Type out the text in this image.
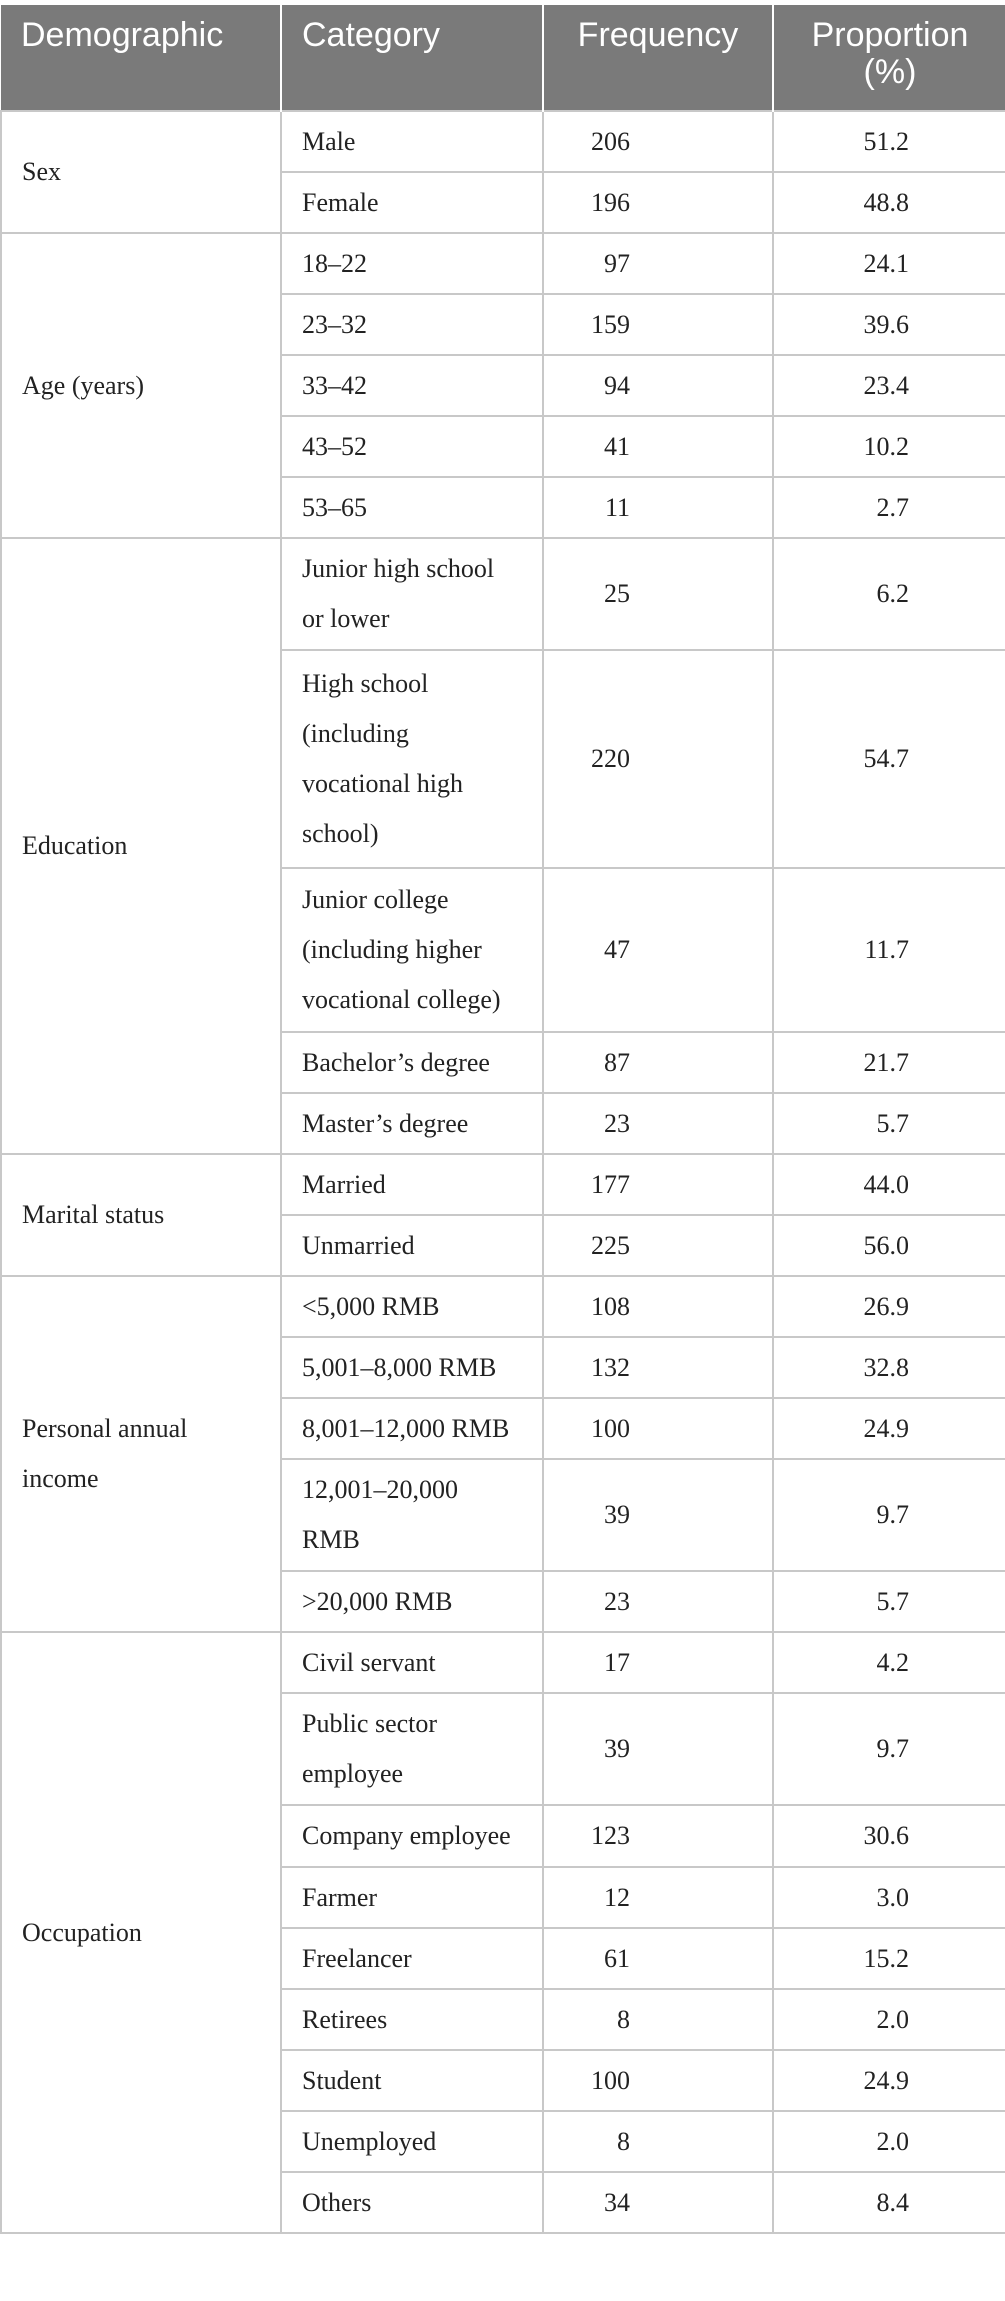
Demographic	Category	Frequency	Proportion (%)
Sex	Male	206	51.2
	Female	196	48.8
Age (years)	18–22	97	24.1
	23–32	159	39.6
	33–42	94	23.4
	43–52	41	10.2
	53–65	11	2.7
Education	Junior high school or lower	25	6.2
	High school (including vocational high school)	220	54.7
	Junior college (including higher vocational college)	47	11.7
	Bachelor’s degree	87	21.7
	Master’s degree	23	5.7
Marital status	Married	177	44.0
	Unmarried	225	56.0
Personal annual income	<5,000 RMB	108	26.9
	5,001–8,000 RMB	132	32.8
	8,001–12,000 RMB	100	24.9
	12,001–20,000 RMB	39	9.7
	>20,000 RMB	23	5.7
Occupation	Civil servant	17	4.2
	Public sector employee	39	9.7
	Company employee	123	30.6
	Farmer	12	3.0
	Freelancer	61	15.2
	Retirees	8	2.0
	Student	100	24.9
	Unemployed	8	2.0
	Others	34	8.4
